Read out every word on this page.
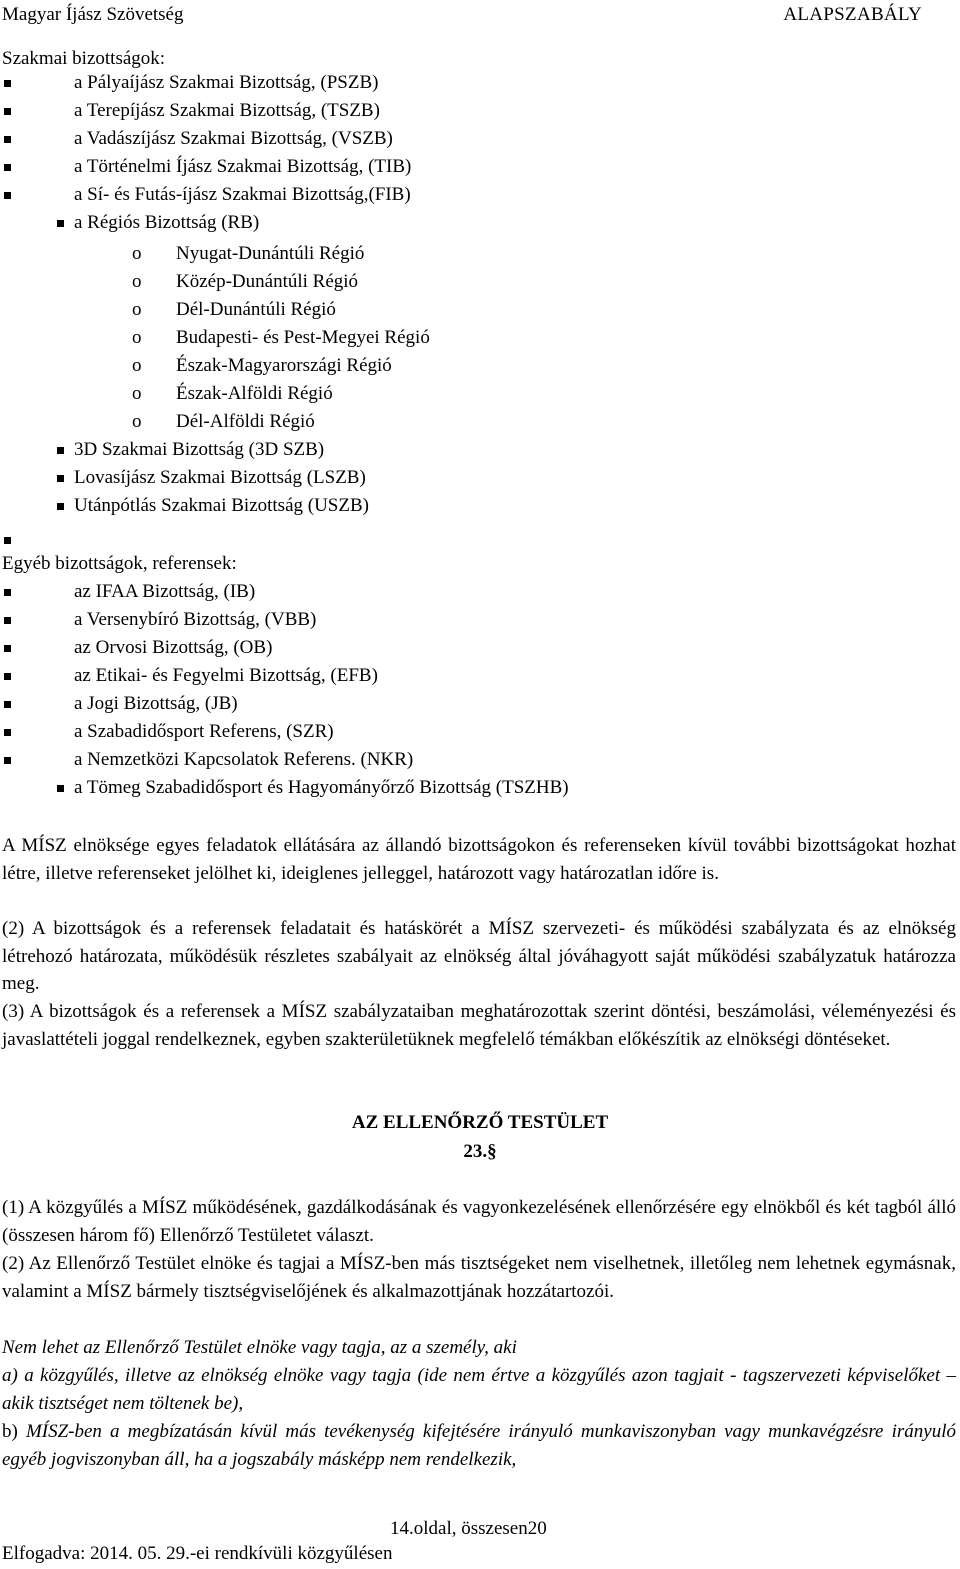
Magyar Íjász Szövetség	ALAPSZABÁLY
Szakmai bizottságok:
a Pályaíjász Szakmai Bizottság, (PSZB)
a Terepíjász Szakmai Bizottság, (TSZB)
a Vadászíjász Szakmai Bizottság, (VSZB)
a Történelmi Íjász Szakmai Bizottság, (TIB)
a Sí- és Futás-íjász Szakmai Bizottság,(FIB)
a Régiós Bizottság (RB)
o Nyugat-Dunántúli Régió
o Közép-Dunántúli Régió
o Dél-Dunántúli Régió
o Budapesti- és Pest-Megyei Régió
o Észak-Magyarországi Régió
o Észak-Alföldi Régió
o Dél-Alföldi Régió
3D Szakmai Bizottság (3D SZB)
Lovasíjász Szakmai Bizottság (LSZB)
Utánpótlás Szakmai Bizottság (USZB)
Egyéb bizottságok, referensek:
az IFAA Bizottság, (IB)
a Versenybíró Bizottság, (VBB)
az Orvosi Bizottság, (OB)
az Etikai- és Fegyelmi Bizottság, (EFB)
a Jogi Bizottság, (JB)
a Szabadidősport Referens, (SZR)
a Nemzetközi Kapcsolatok Referens. (NKR)
a Tömeg Szabadidősport és Hagyományőrző Bizottság (TSZHB)
A MÍSZ elnöksége egyes feladatok ellátására az állandó bizottságokon és referenseken kívül további bizottságokat hozhat létre, illetve referenseket jelölhet ki, ideiglenes jelleggel, határozott vagy határozatlan időre is.
(2) A bizottságok és a referensek feladatait és hatáskörét a MÍSZ szervezeti- és működési szabályzata és az elnökség létrehozó határozata, működésük részletes szabályait az elnökség által jóváhagyott saját működési szabályzatuk határozza meg.
(3) A bizottságok és a referensek a MÍSZ szabályzataiban meghatározottak szerint döntési, beszámolási, véleményezési és javaslattételi joggal rendelkeznek, egyben szakterületüknek megfelelő témákban előkészítik az elnökségi döntéseket.
AZ ELLENŐRZŐ TESTÜLET
23.§
(1) A közgyűlés a MÍSZ működésének, gazdálkodásának és vagyonkezelésének ellenőrzésére egy elnökből és két tagból álló (összesen három fő) Ellenőrző Testületet választ.
(2) Az Ellenőrző Testület elnöke és tagjai a MÍSZ-ben más tisztségeket nem viselhetnek, illetőleg nem lehetnek egymásnak, valamint a MÍSZ bármely tisztségviselőjének és alkalmazottjának hozzátartozói.
Nem lehet az Ellenőrző Testület elnöke vagy tagja, az a személy, aki
a) a közgyűlés, illetve az elnökség elnöke vagy tagja (ide nem értve a közgyűlés azon tagjait - tagszervezeti képviselőket – akik tisztséget nem töltenek be),
b) MÍSZ-ben a megbízatásán kívül más tevékenység kifejtésére irányuló munkaviszonyban vagy munkavégzésre irányuló egyéb jogviszonyban áll, ha a jogszabály másképp nem rendelkezik,
14.oldal, összesen20
Elfogadva: 2014. 05. 29.-ei rendkívüli közgyűlésen
